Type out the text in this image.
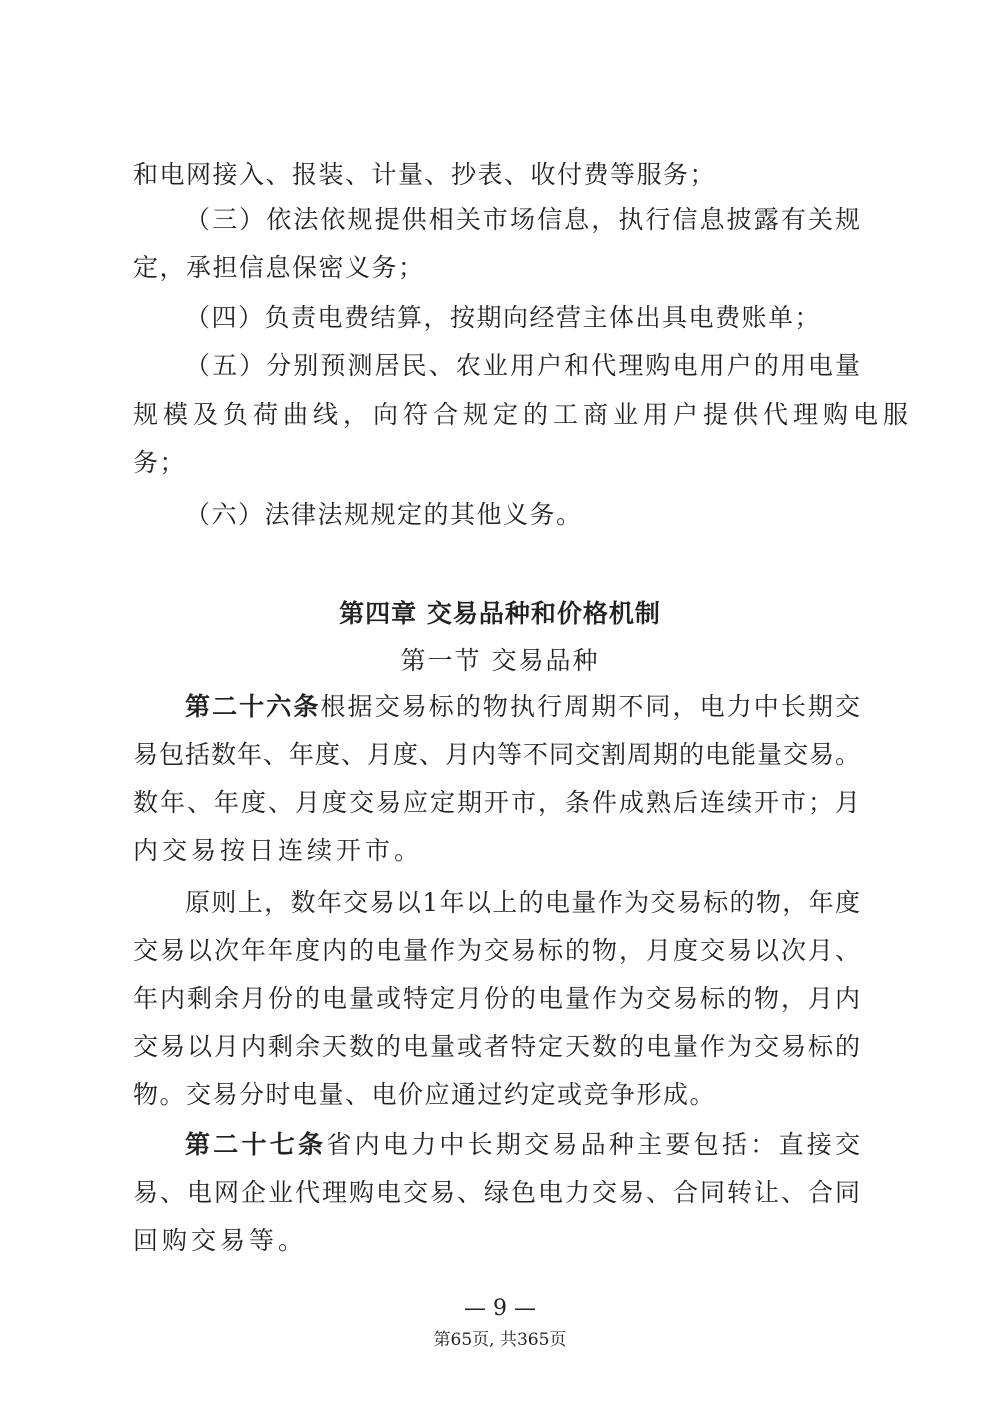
和电网接入、报装、计量、抄表、收付费等服务；
（三）依法依规提供相关市场信息，执行信息披露有关规
定，承担信息保密义务；
（四）负责电费结算，按期向经营主体出具电费账单；
（五）分别预测居民、农业用户和代理购电用户的用电量
规模及负荷曲线，向符合规定的工商业用户提供代理购电服
务；
（六）法律法规规定的其他义务。
第四章 交易品种和价格机制
第一节 交易品种
第二十六条根据交易标的物执行周期不同，电力中长期交
易包括数年、年度、月度、月内等不同交割周期的电能量交易。
数年、年度、月度交易应定期开市，条件成熟后连续开市；月
内交易按日连续开市。
原则上，数年交易以1年以上的电量作为交易标的物，年度
交易以次年年度内的电量作为交易标的物，月度交易以次月、
年内剩余月份的电量或特定月份的电量作为交易标的物，月内
交易以月内剩余天数的电量或者特定天数的电量作为交易标的
物。交易分时电量、电价应通过约定或竞争形成。
第二十七条省内电力中长期交易品种主要包括：直接交
易、电网企业代理购电交易、绿色电力交易、合同转让、合同
回购交易等。
— 9 —
第65页, 共365页
